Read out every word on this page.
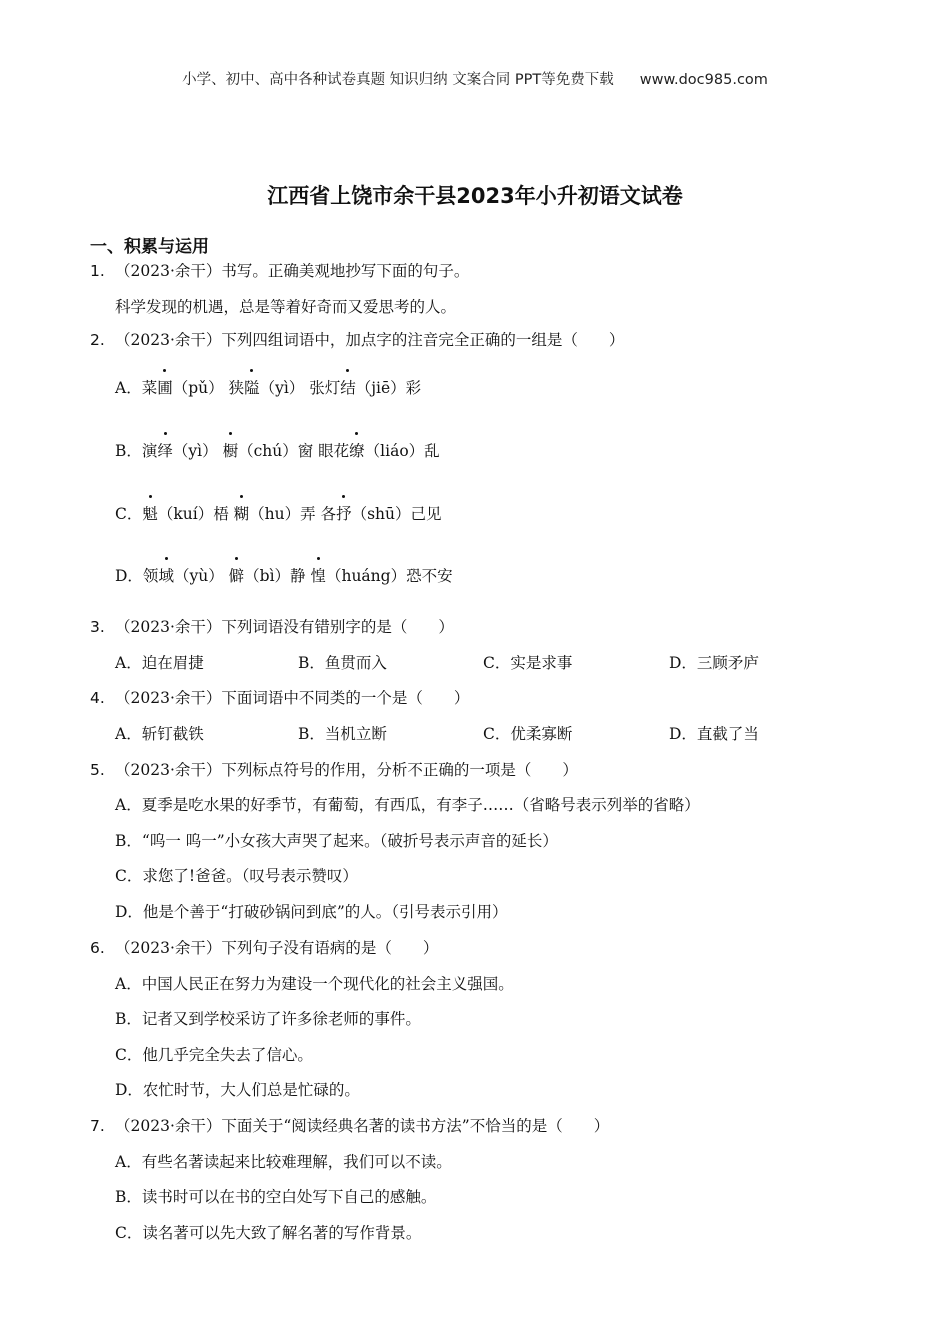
小学、初中、高中各种试卷真题 知识归纳 文案合同 PPT等免费下载 www.doc985.com
江西省上饶市余干县2023年小升初语文试卷
一、积累与运用
1. （2023·余干）书写。正确美观地抄写下面的句子。
科学发现的机遇，总是等着好奇而又爱思考的人。
2. （2023·余干）下列四组词语中，加点字的注音完全正确的一组是（　　）
A．菜圃（pǔ） 狭隘（yì） 张灯结（jiē）彩
B．演绎（yì） 橱（chú）窗 眼花缭（liáo）乱
C．魁（kuí）梧 糊（hu）弄 各抒（shū）己见
D．领域（yù） 僻（bì）静 惶（huáng）恐不安
3. （2023·余干）下列词语没有错别字的是（　　）
A．迫在眉捷	B．鱼贯而入	C．实是求事	D．三顾矛庐
4. （2023·余干）下面词语中不同类的一个是（　　）
A．斩钉截铁	B．当机立断	C．优柔寡断	D．直截了当
5. （2023·余干）下列标点符号的作用，分析不正确的一项是（　　）
A．夏季是吃水果的好季节，有葡萄，有西瓜，有李子……（省略号表示列举的省略）
B．“呜一 呜一”小女孩大声哭了起来。（破折号表示声音的延长）
C．求您了!爸爸。（叹号表示赞叹）
D．他是个善于“打破砂锅问到底”的人。（引号表示引用）
6. （2023·余干）下列句子没有语病的是（　　）
A．中国人民正在努力为建设一个现代化的社会主义强国。
B．记者又到学校采访了许多徐老师的事件。
C．他几乎完全失去了信心。
D．农忙时节，大人们总是忙碌的。
7. （2023·余干）下面关于“阅读经典名著的读书方法”不恰当的是（　　）
A．有些名著读起来比较难理解，我们可以不读。
B．读书时可以在书的空白处写下自己的感触。
C．读名著可以先大致了解名著的写作背景。
